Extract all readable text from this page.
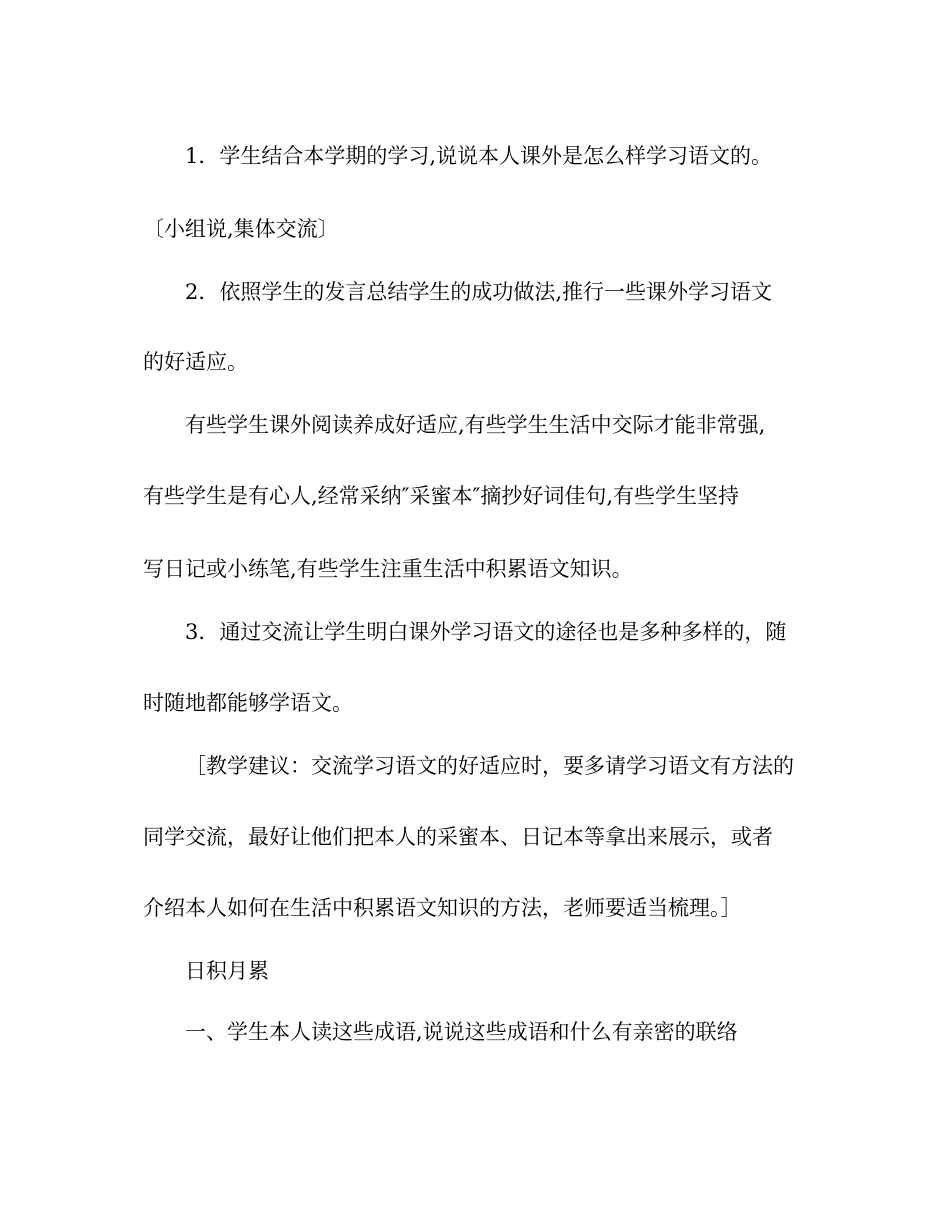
1．学生结合本学期的学习,说说本人课外是怎么样学习语文的。
〔小组说,集体交流〕
2．依照学生的发言总结学生的成功做法,推行一些课外学习语文
的好适应。
有些学生课外阅读养成好适应,有些学生生活中交际才能非常强,
有些学生是有心人,经常采纳″采蜜本″摘抄好词佳句,有些学生坚持
写日记或小练笔,有些学生注重生活中积累语文知识。
3．通过交流让学生明白课外学习语文的途径也是多种多样的，随
时随地都能够学语文。
［教学建议：交流学习语文的好适应时，要多请学习语文有方法的
同学交流，最好让他们把本人的采蜜本、日记本等拿出来展示，或者
介绍本人如何在生活中积累语文知识的方法，老师要适当梳理。］
日积月累
一、学生本人读这些成语,说说这些成语和什么有亲密的联络
